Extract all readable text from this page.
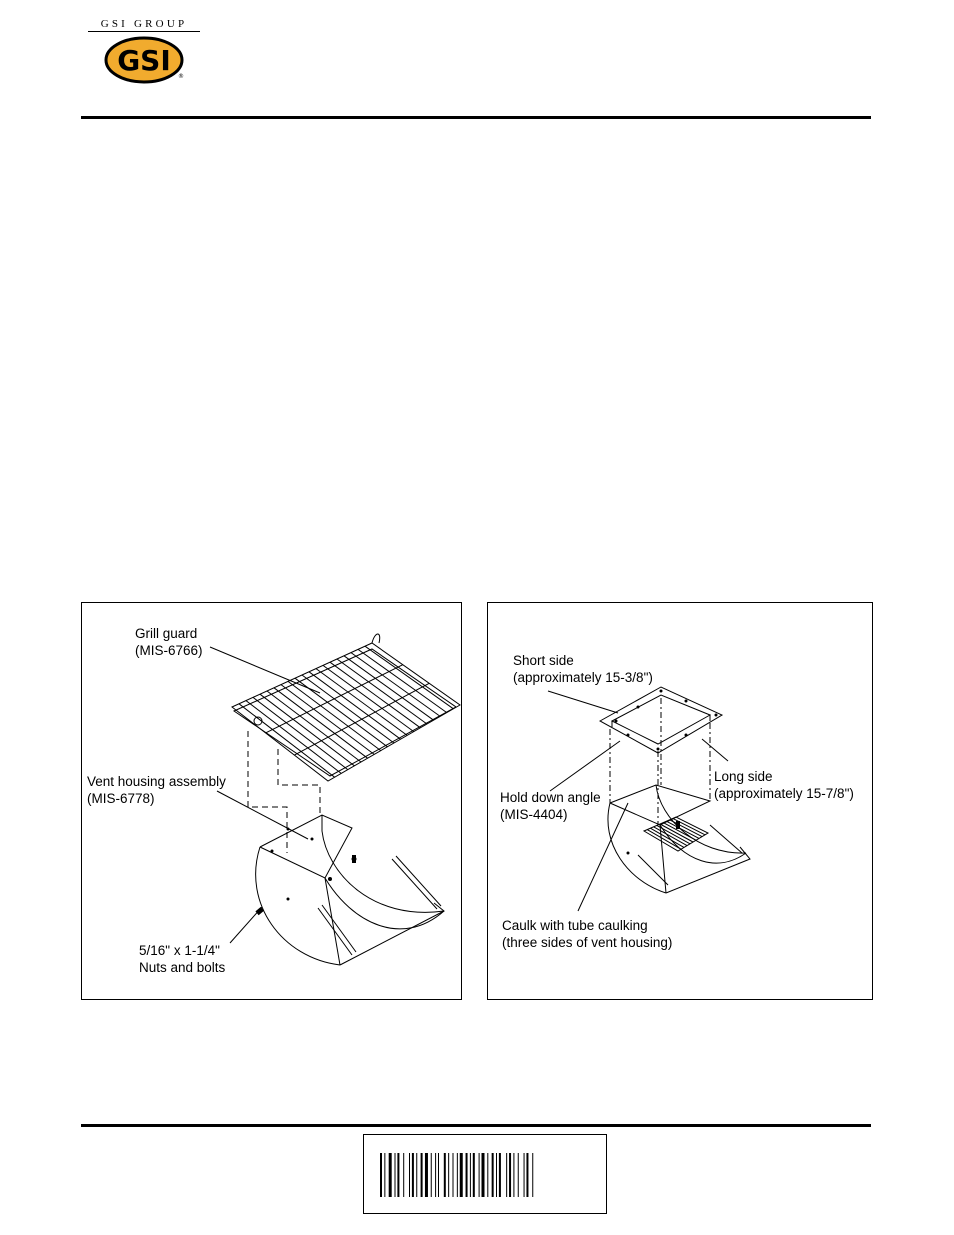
GSI GROUP
GSI ®
Grill guard
(MIS-6766)
Vent housing assembly
(MIS-6778)
5/16" x 1-1/4"
Nuts and bolts
Short side
(approximately 15-3/8")
Long side
(approximately 15-7/8")
Hold down angle
(MIS-4404)
Caulk with tube caulking
(three sides of vent housing)
